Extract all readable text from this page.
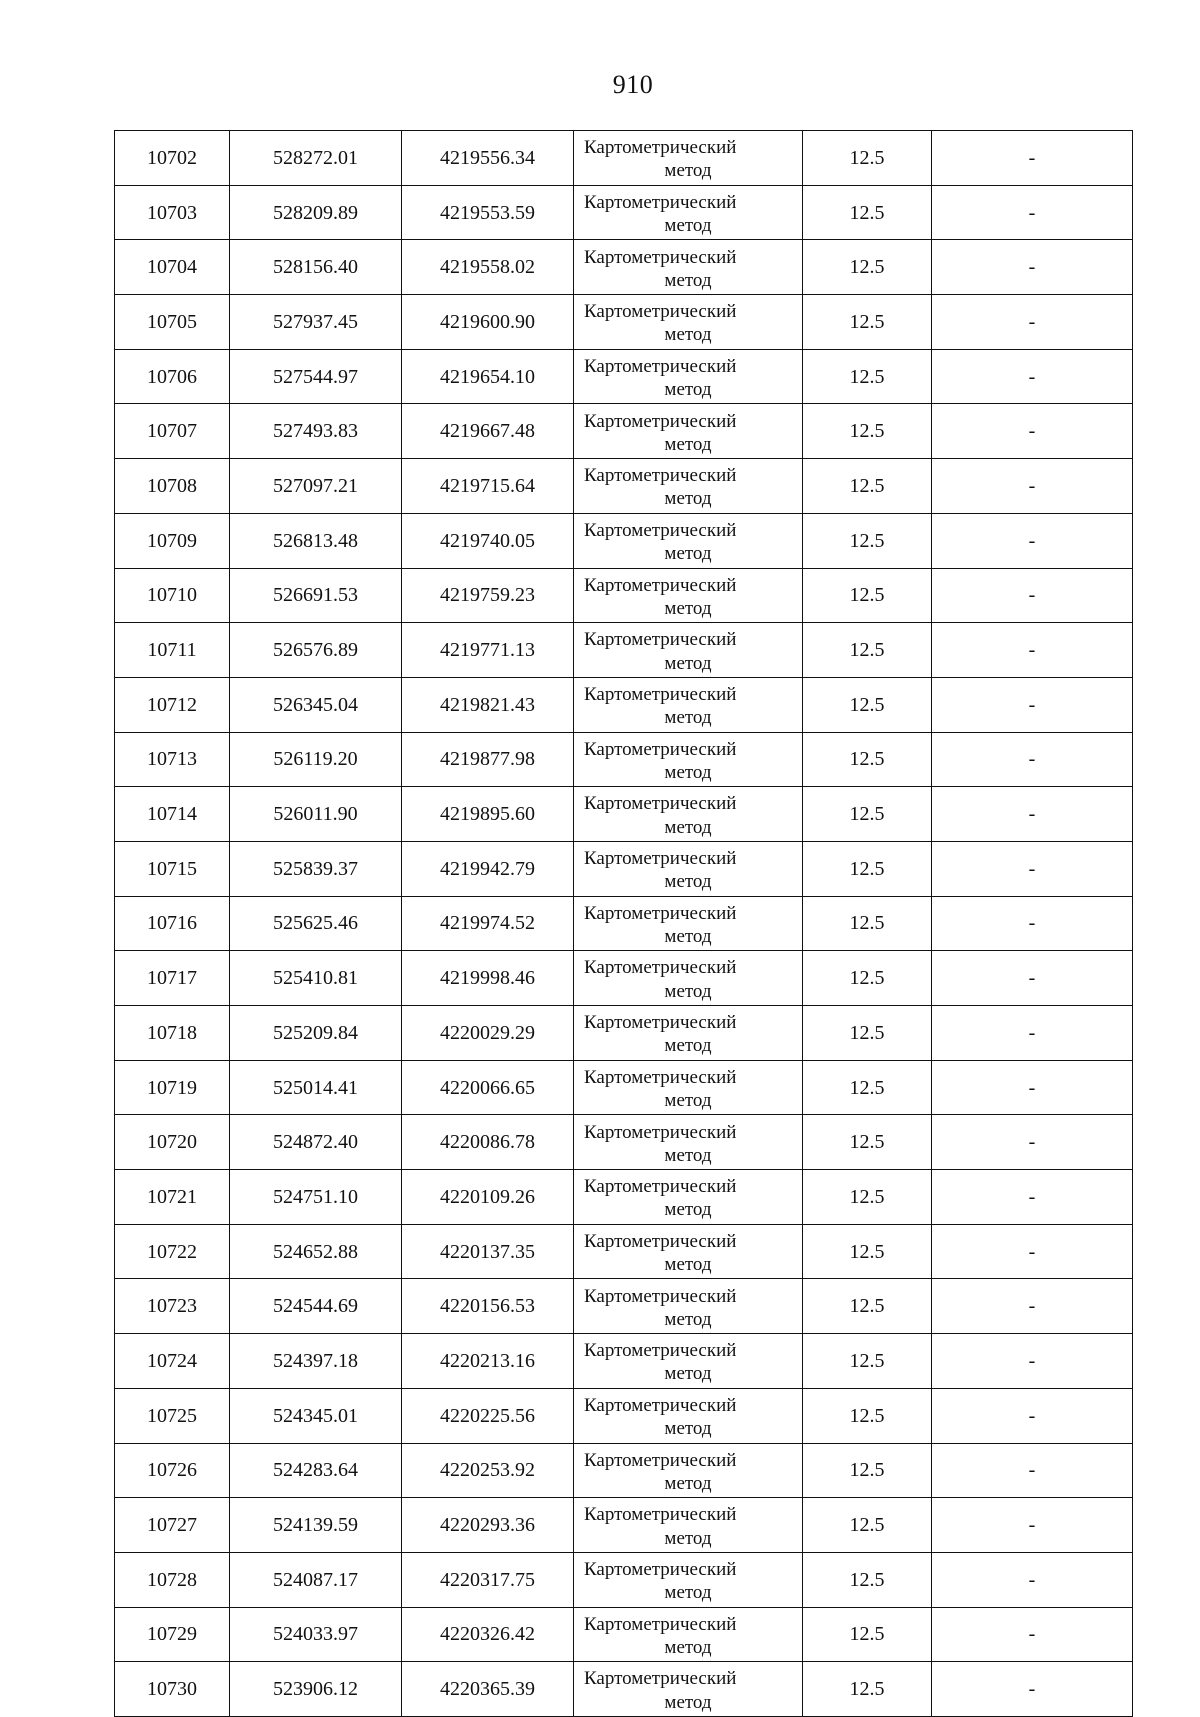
910
10702	528272.01	4219556.34	Картометрический
метод	12.5	-
10703	528209.89	4219553.59	Картометрический
метод	12.5	-
10704	528156.40	4219558.02	Картометрический
метод	12.5	-
10705	527937.45	4219600.90	Картометрический
метод	12.5	-
10706	527544.97	4219654.10	Картометрический
метод	12.5	-
10707	527493.83	4219667.48	Картометрический
метод	12.5	-
10708	527097.21	4219715.64	Картометрический
метод	12.5	-
10709	526813.48	4219740.05	Картометрический
метод	12.5	-
10710	526691.53	4219759.23	Картометрический
метод	12.5	-
10711	526576.89	4219771.13	Картометрический
метод	12.5	-
10712	526345.04	4219821.43	Картометрический
метод	12.5	-
10713	526119.20	4219877.98	Картометрический
метод	12.5	-
10714	526011.90	4219895.60	Картометрический
метод	12.5	-
10715	525839.37	4219942.79	Картометрический
метод	12.5	-
10716	525625.46	4219974.52	Картометрический
метод	12.5	-
10717	525410.81	4219998.46	Картометрический
метод	12.5	-
10718	525209.84	4220029.29	Картометрический
метод	12.5	-
10719	525014.41	4220066.65	Картометрический
метод	12.5	-
10720	524872.40	4220086.78	Картометрический
метод	12.5	-
10721	524751.10	4220109.26	Картометрический
метод	12.5	-
10722	524652.88	4220137.35	Картометрический
метод	12.5	-
10723	524544.69	4220156.53	Картометрический
метод	12.5	-
10724	524397.18	4220213.16	Картометрический
метод	12.5	-
10725	524345.01	4220225.56	Картометрический
метод	12.5	-
10726	524283.64	4220253.92	Картометрический
метод	12.5	-
10727	524139.59	4220293.36	Картометрический
метод	12.5	-
10728	524087.17	4220317.75	Картометрический
метод	12.5	-
10729	524033.97	4220326.42	Картометрический
метод	12.5	-
10730	523906.12	4220365.39	Картометрический
метод	12.5	-
